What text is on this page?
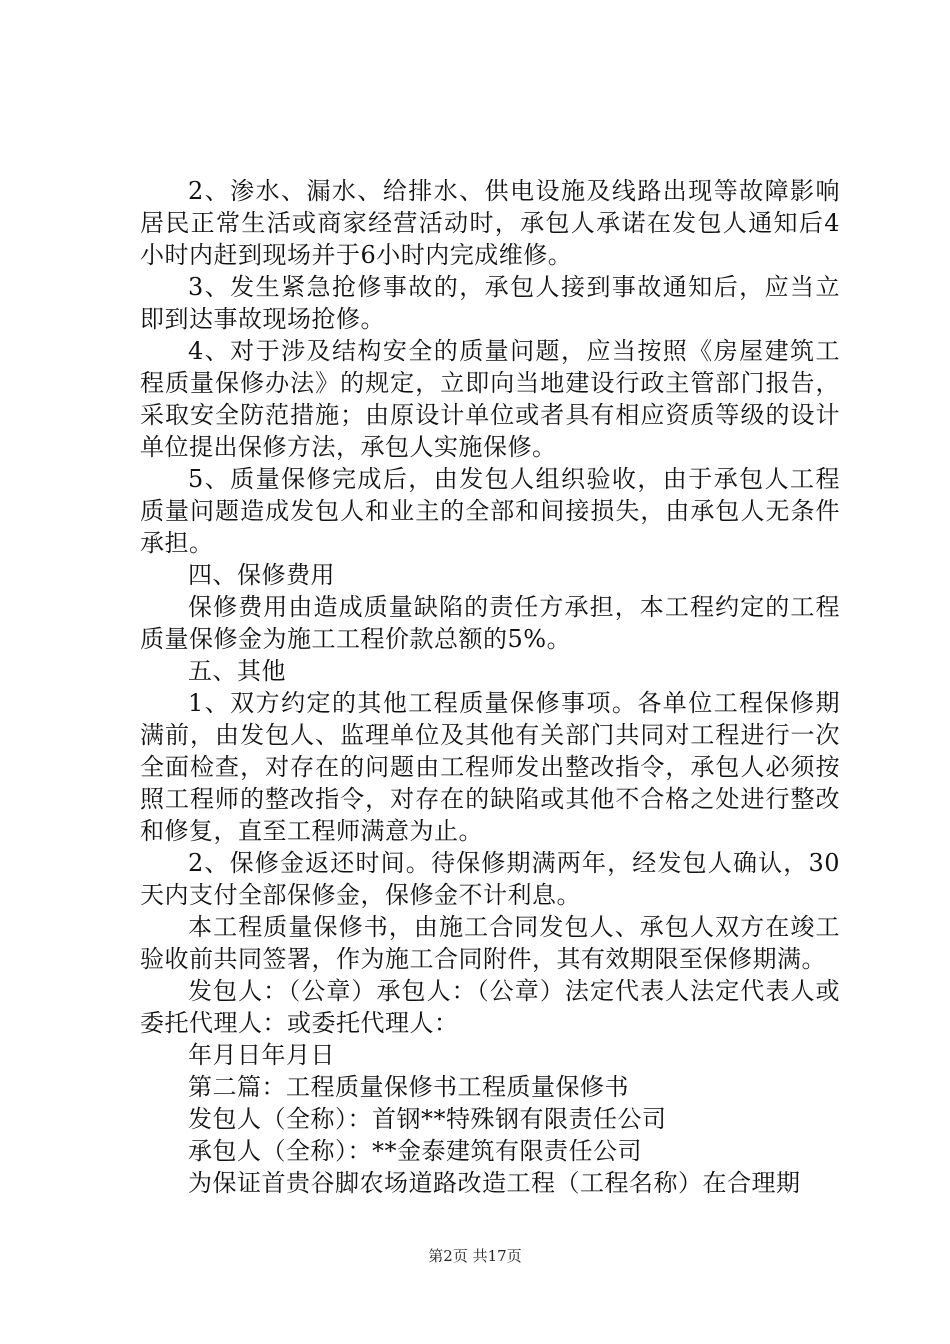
2、渗水、漏水、给排水、供电设施及线路出现等故障影响居民正常生活或商家经营活动时，承包人承诺在发包人通知后4小时内赶到现场并于6小时内完成维修。

3、发生紧急抢修事故的，承包人接到事故通知后，应当立即到达事故现场抢修。

4、对于涉及结构安全的质量问题，应当按照《房屋建筑工程质量保修办法》的规定，立即向当地建设行政主管部门报告，采取安全防范措施；由原设计单位或者具有相应资质等级的设计单位提出保修方法，承包人实施保修。

5、质量保修完成后，由发包人组织验收，由于承包人工程质量问题造成发包人和业主的全部和间接损失，由承包人无条件承担。

四、保修费用

保修费用由造成质量缺陷的责任方承担，本工程约定的工程质量保修金为施工工程价款总额的5%。

五、其他

1、双方约定的其他工程质量保修事项。各单位工程保修期满前，由发包人、监理单位及其他有关部门共同对工程进行一次全面检查，对存在的问题由工程师发出整改指令，承包人必须按照工程师的整改指令，对存在的缺陷或其他不合格之处进行整改和修复，直至工程师满意为止。

2、保修金返还时间。待保修期满两年，经发包人确认，30天内支付全部保修金，保修金不计利息。

本工程质量保修书，由施工合同发包人、承包人双方在竣工验收前共同签署，作为施工合同附件，其有效期限至保修期满。

发包人：（公章）承包人：（公章）法定代表人法定代表人或委托代理人：或委托代理人：

年月日年月日

第二篇：工程质量保修书工程质量保修书

发包人（全称）：首钢**特殊钢有限责任公司

承包人（全称）：**金泰建筑有限责任公司

为保证首贵谷脚农场道路改造工程（工程名称）在合理期

第2页 共17页
